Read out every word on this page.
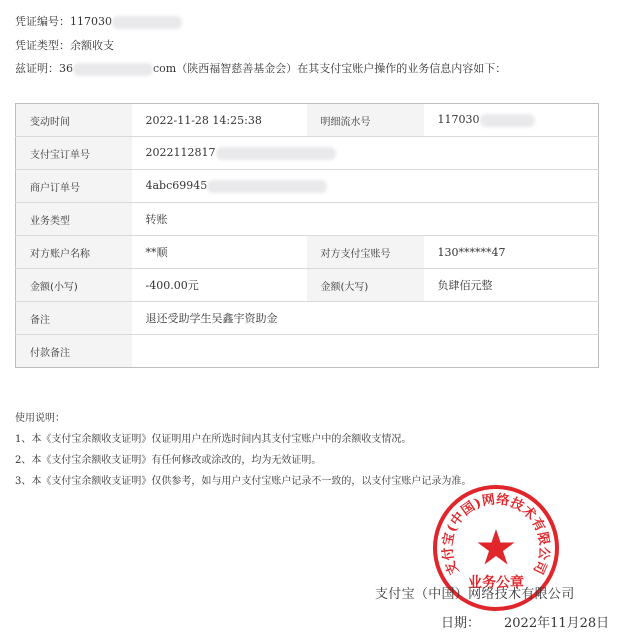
凭证编号：117030
凭证类型：余额收支
兹证明：36	com（陕西福智慈善基金会）在其支付宝账户操作的业务信息内容如下：
变动时间	2022-11-28 14:25:38	明细流水号	117030
支付宝订单号	2022112817		
商户订单号	4abc69945		
业务类型	转账		
对方账户名称	**顺	对方支付宝账号	130******47
金额(小写)	-400.00元	金额(大写)	负肆佰元整
备注	退还受助学生吴鑫宇资助金		
付款备注			
使用说明：
1、本《支付宝余额收支证明》仅证明用户在所选时间内其支付宝账户中的余额收支情况。
2、本《支付宝余额收支证明》有任何修改或涂改的，均为无效证明。
3、本《支付宝余额收支证明》仅供参考，如与用户支付宝账户记录不一致的，以支付宝账户记录为准。
支付宝(中国)网络技术有限公司
业务公章
支付宝（中国）网络技术有限公司
日期： 2022年11月28日
